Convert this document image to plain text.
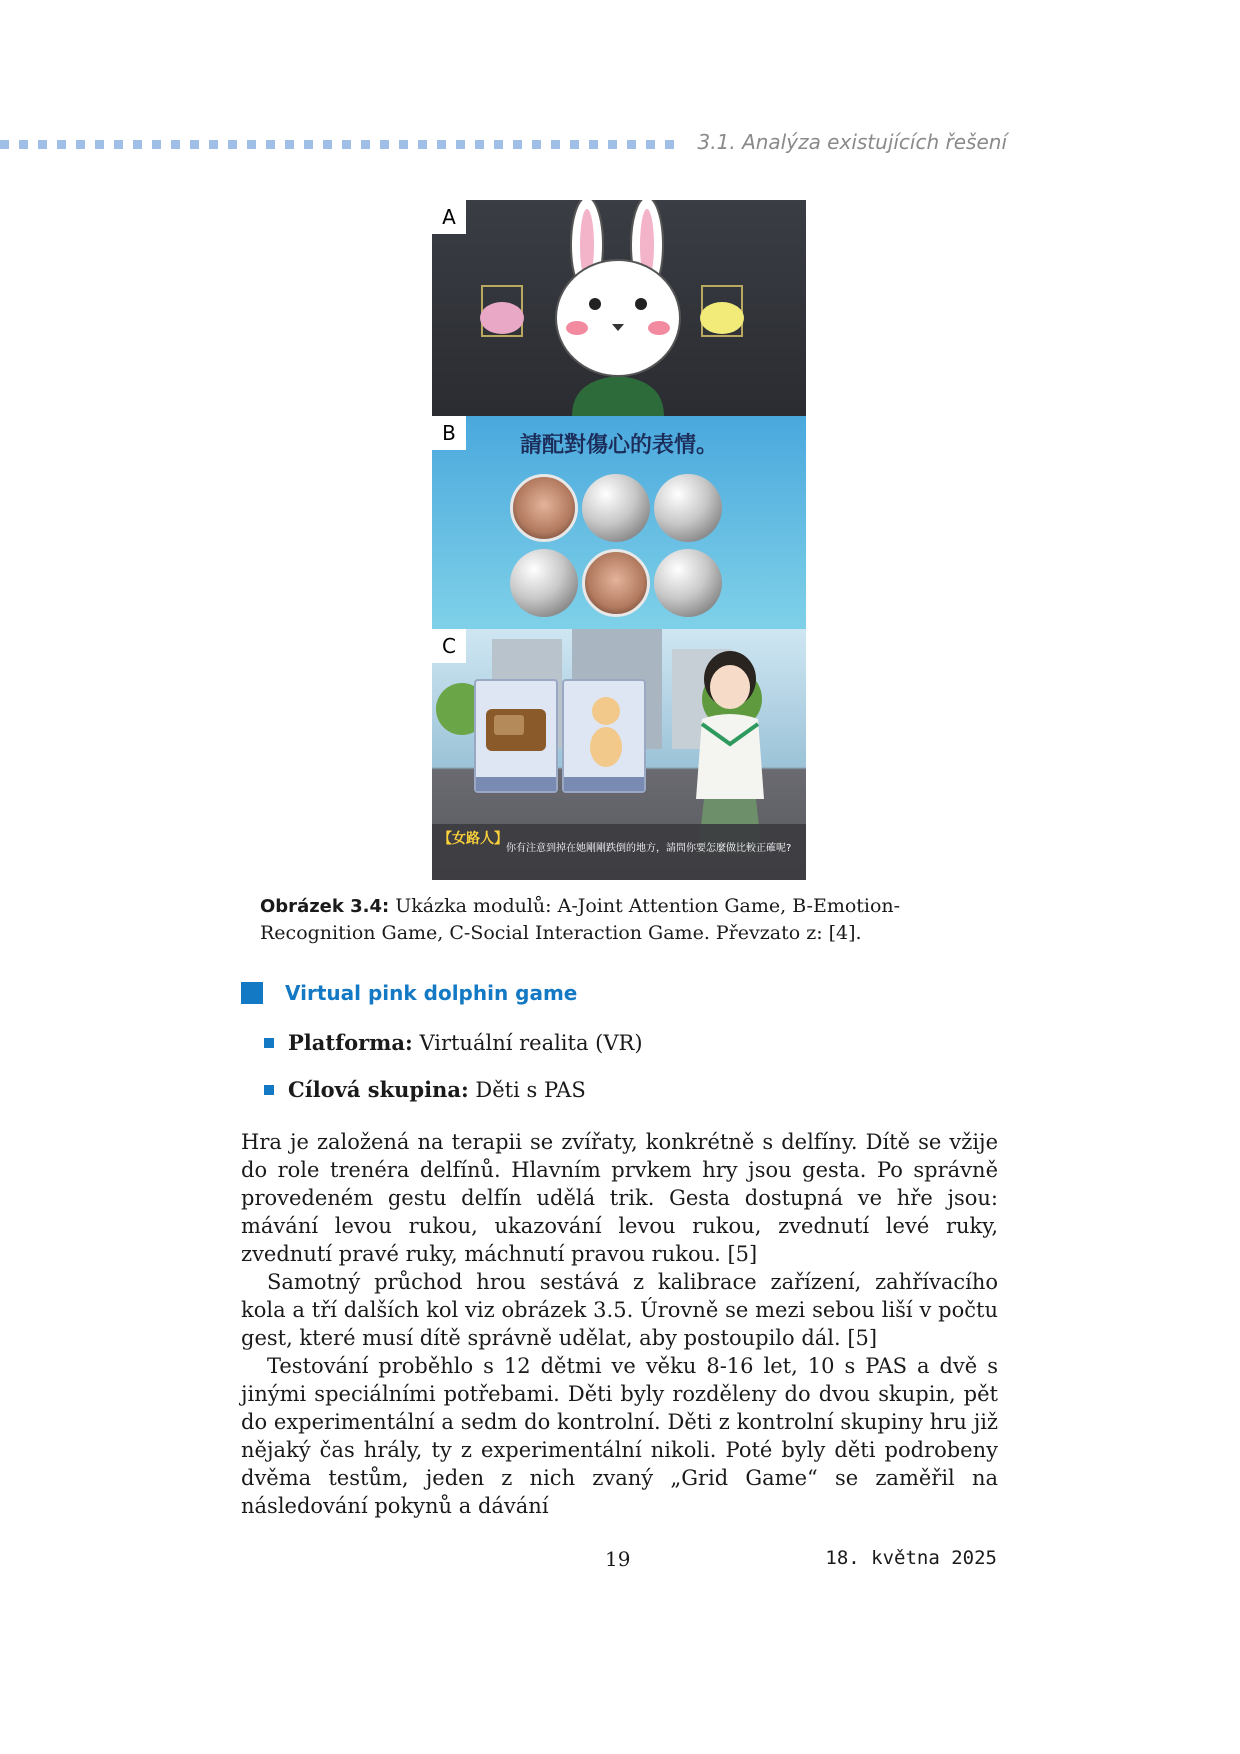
3.1. Analýza existujících řešení
A
請配對傷心的表情。
B
【女路人】
你有注意到掉在她剛剛跌倒的地方，請問你要怎麼做比較正確呢?
C
Obrázek 3.4: Ukázka modulů: A-Joint Attention Game, B-Emotion-Recognition Game, C-Social Interaction Game. Převzato z: [4].
Virtual pink dolphin game
Platforma: Virtuální realita (VR)
Cílová skupina: Děti s PAS

Hra je založená na terapii se zvířaty, konkrétně s delfíny. Dítě se vžije do role trenéra delfínů. Hlavním prvkem hry jsou gesta. Po správně provedeném gestu delfín udělá trik. Gesta dostupná ve hře jsou: mávání levou rukou, ukazování levou rukou, zvednutí levé ruky, zvednutí pravé ruky, máchnutí pravou rukou. [5]

Samotný průchod hrou sestává z kalibrace zařízení, zahřívacího kola a tří dalších kol viz obrázek 3.5. Úrovně se mezi sebou liší v počtu gest, které musí dítě správně udělat, aby postoupilo dál. [5]

Testování proběhlo s 12 dětmi ve věku 8-16 let, 10 s PAS a dvě s jinými speciálními potřebami. Děti byly rozděleny do dvou skupin, pět do experimentální a sedm do kontrolní. Děti z kontrolní skupiny hru již nějaký čas hrály, ty z experimentální nikoli. Poté byly děti podrobeny dvěma testům, jeden z nich zvaný „Grid Game“ se zaměřil na následování pokynů a dávání

19	18. května 2025
